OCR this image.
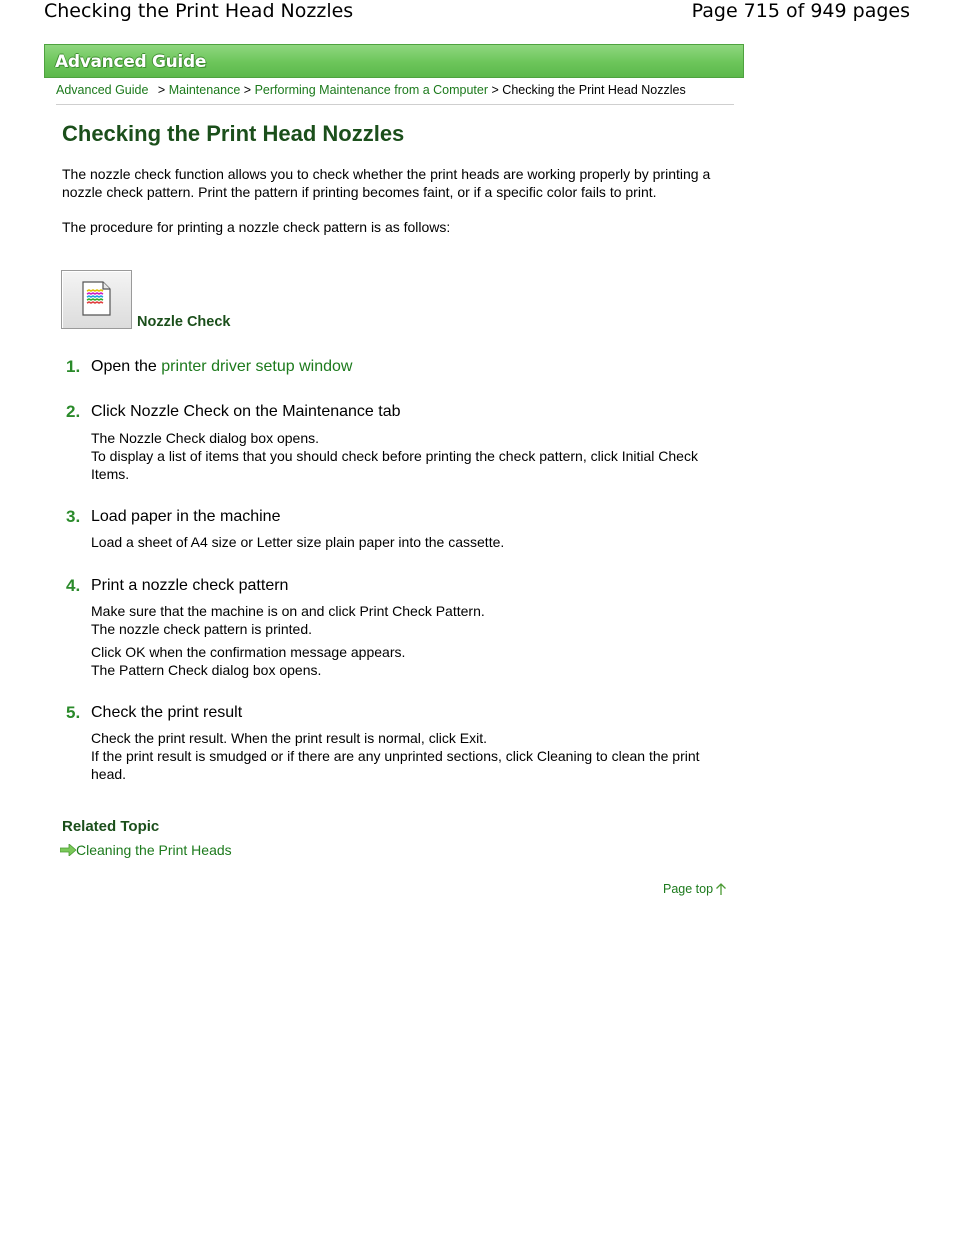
Checking the Print Head Nozzles	Page 715 of 949 pages
Advanced Guide
Advanced Guide > Maintenance > Performing Maintenance from a Computer > Checking the Print Head Nozzles
Checking the Print Head Nozzles

The nozzle check function allows you to check whether the print heads are working properly by printing a nozzle check pattern. Print the pattern if printing becomes faint, or if a specific color fails to print.

The procedure for printing a nozzle check pattern is as follows:

Nozzle Check
1. Open the printer driver setup window
2. Click Nozzle Check on the Maintenance tab

The Nozzle Check dialog box opens.

To display a list of items that you should check before printing the check pattern, click Initial Check Items.

3. Load paper in the machine

Load a sheet of A4 size or Letter size plain paper into the cassette.

4. Print a nozzle check pattern

Make sure that the machine is on and click Print Check Pattern.

The nozzle check pattern is printed.

Click OK when the confirmation message appears.

The Pattern Check dialog box opens.

5. Check the print result

Check the print result. When the print result is normal, click Exit.

If the print result is smudged or if there are any unprinted sections, click Cleaning to clean the print head.

Related Topic
Cleaning the Print Heads
Page top
